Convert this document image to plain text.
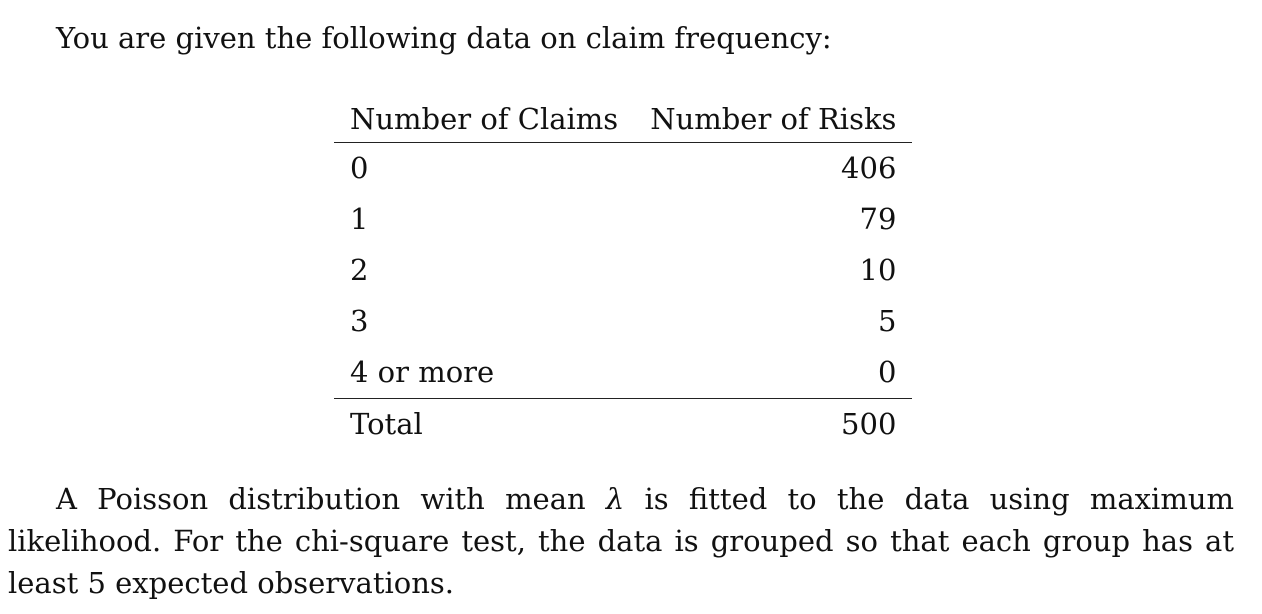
You are given the following data on claim frequency:

Number of Claims	Number of Risks
0	406
1	79
2	10
3	5
4 or more	0
Total	500

A Poisson distribution with mean λ is fitted to the data using maximum likelihood. For the chi-square test, the data is grouped so that each group has at least 5 expected observations.
